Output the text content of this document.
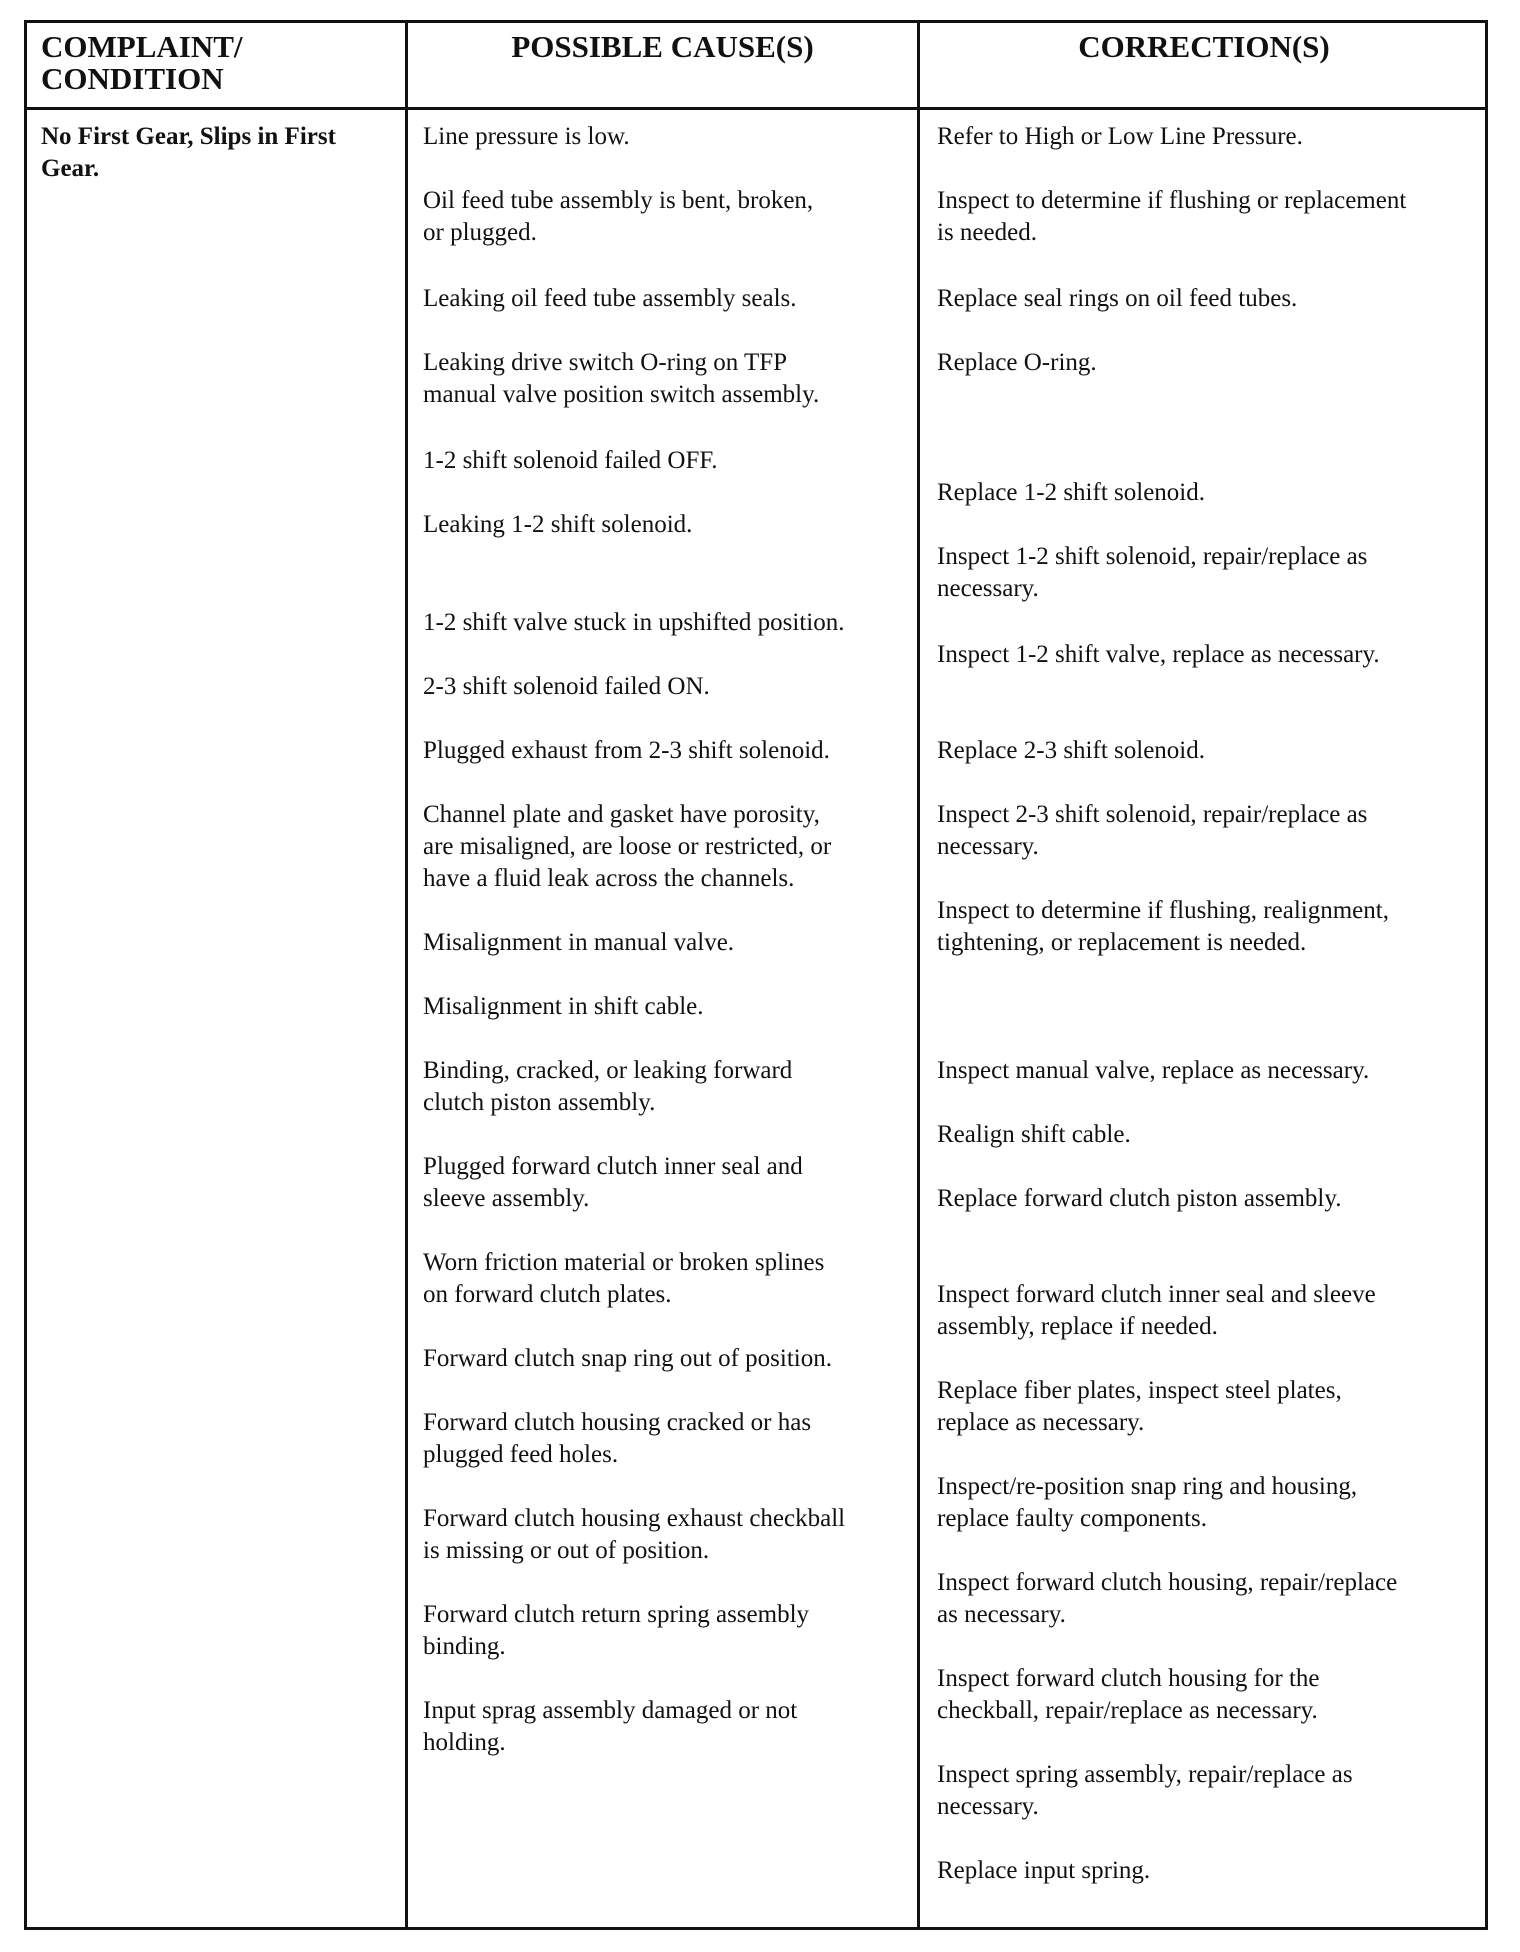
COMPLAINT/ CONDITION
POSSIBLE CAUSE(S)	CORRECTION(S)
No First Gear, Slips in First Gear.
Line pressure is low.
Oil feed tube assembly is bent, broken,
or plugged.
Leaking oil feed tube assembly seals.
Leaking drive switch O-ring on TFP
manual valve position switch assembly.
1-2 shift solenoid failed OFF.
Leaking 1-2 shift solenoid.
1-2 shift valve stuck in upshifted position.
2-3 shift solenoid failed ON.
Plugged exhaust from 2-3 shift solenoid.
Channel plate and gasket have porosity,
are misaligned, are loose or restricted, or
have a fluid leak across the channels.
Misalignment in manual valve.
Misalignment in shift cable.
Binding, cracked, or leaking forward
clutch piston assembly.
Plugged forward clutch inner seal and
sleeve assembly.
Worn friction material or broken splines
on forward clutch plates.
Forward clutch snap ring out of position.
Forward clutch housing cracked or has
plugged feed holes.
Forward clutch housing exhaust checkball
is missing or out of position.
Forward clutch return spring assembly
binding.
Input sprag assembly damaged or not
holding.
Refer to High or Low Line Pressure.
Inspect to determine if flushing or replacement
is needed.
Replace seal rings on oil feed tubes.
Replace O-ring.
Replace 1-2 shift solenoid.
Inspect 1-2 shift solenoid, repair/replace as
necessary.
Inspect 1-2 shift valve, replace as necessary.
Replace 2-3 shift solenoid.
Inspect 2-3 shift solenoid, repair/replace as
necessary.
Inspect to determine if flushing, realignment,
tightening, or replacement is needed.
Inspect manual valve, replace as necessary.
Realign shift cable.
Replace forward clutch piston assembly.
Inspect forward clutch inner seal and sleeve
assembly, replace if needed.
Replace fiber plates, inspect steel plates,
replace as necessary.
Inspect/re-position snap ring and housing,
replace faulty components.
Inspect forward clutch housing, repair/replace
as necessary.
Inspect forward clutch housing for the
checkball, repair/replace as necessary.
Inspect spring assembly, repair/replace as
necessary.
Replace input spring.
